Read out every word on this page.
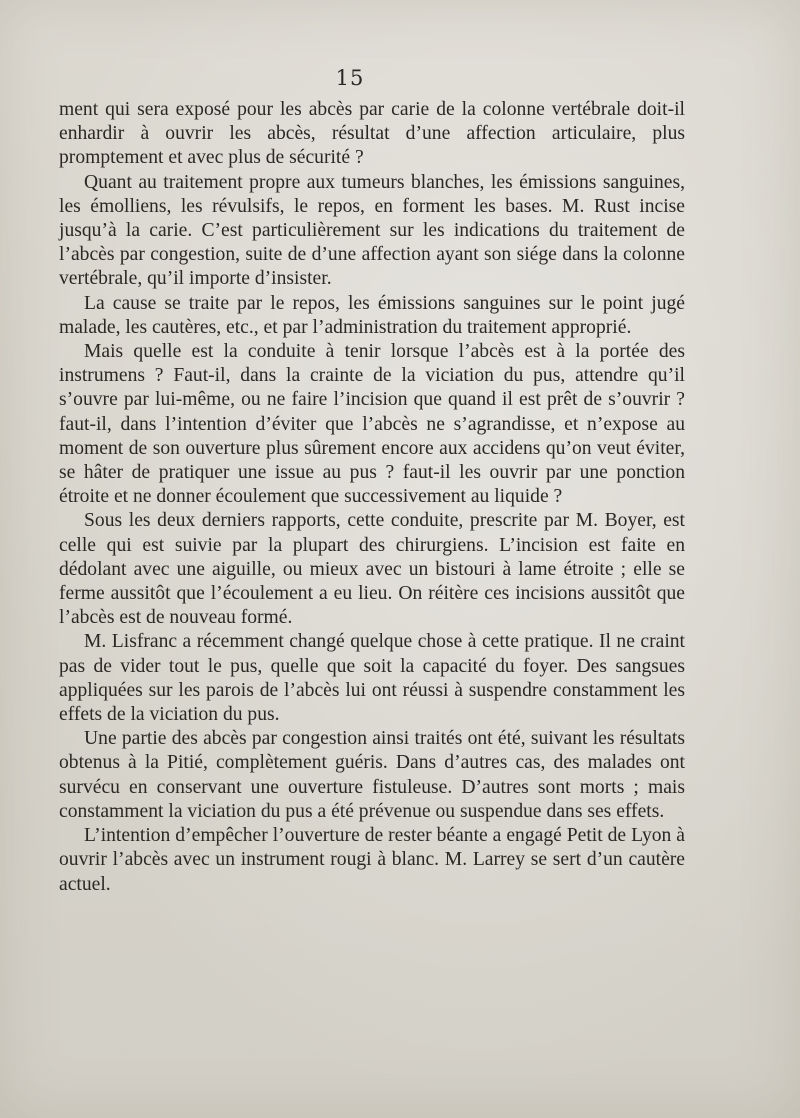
15

ment qui sera exposé pour les abcès par carie de la colonne vertébrale doit-il enhardir à ouvrir les abcès, résultat d’une affection articulaire, plus promptement et avec plus de sécurité ?

Quant au traitement propre aux tumeurs blanches, les émissions sanguines, les émolliens, les révulsifs, le repos, en forment les bases. M. Rust incise jusqu’à la carie. C’est particulièrement sur les indications du traitement de l’abcès par congestion, suite de d’une affection ayant son siége dans la colonne vertébrale, qu’il importe d’insister.

La cause se traite par le repos, les émissions sanguines sur le point jugé malade, les cautères, etc., et par l’administration du traitement approprié.

Mais quelle est la conduite à tenir lorsque l’abcès est à la portée des instrumens ? Faut-il, dans la crainte de la viciation du pus, attendre qu’il s’ouvre par lui-même, ou ne faire l’incision que quand il est prêt de s’ouvrir ? faut-il, dans l’intention d’éviter que l’abcès ne s’agrandisse, et n’expose au moment de son ouverture plus sûrement encore aux accidens qu’on veut éviter, se hâter de pratiquer une issue au pus ? faut-il les ouvrir par une ponction étroite et ne donner écoulement que successivement au liquide ?

Sous les deux derniers rapports, cette conduite, prescrite par M. Boyer, est celle qui est suivie par la plupart des chirurgiens. L’incision est faite en dédolant avec une aiguille, ou mieux avec un bistouri à lame étroite ; elle se ferme aussitôt que l’écoulement a eu lieu. On réitère ces incisions aussitôt que l’abcès est de nouveau formé.

M. Lisfranc a récemment changé quelque chose à cette pratique. Il ne craint pas de vider tout le pus, quelle que soit la capacité du foyer. Des sangsues appliquées sur les parois de l’abcès lui ont réussi à suspendre constamment les effets de la viciation du pus.

Une partie des abcès par congestion ainsi traités ont été, suivant les résultats obtenus à la Pitié, complètement guéris. Dans d’autres cas, des malades ont survécu en conservant une ouverture fistuleuse. D’autres sont morts ; mais constamment la viciation du pus a été prévenue ou suspendue dans ses effets.

L’intention d’empêcher l’ouverture de rester béante a engagé Petit de Lyon à ouvrir l’abcès avec un instrument rougi à blanc. M. Larrey se sert d’un cautère actuel.
